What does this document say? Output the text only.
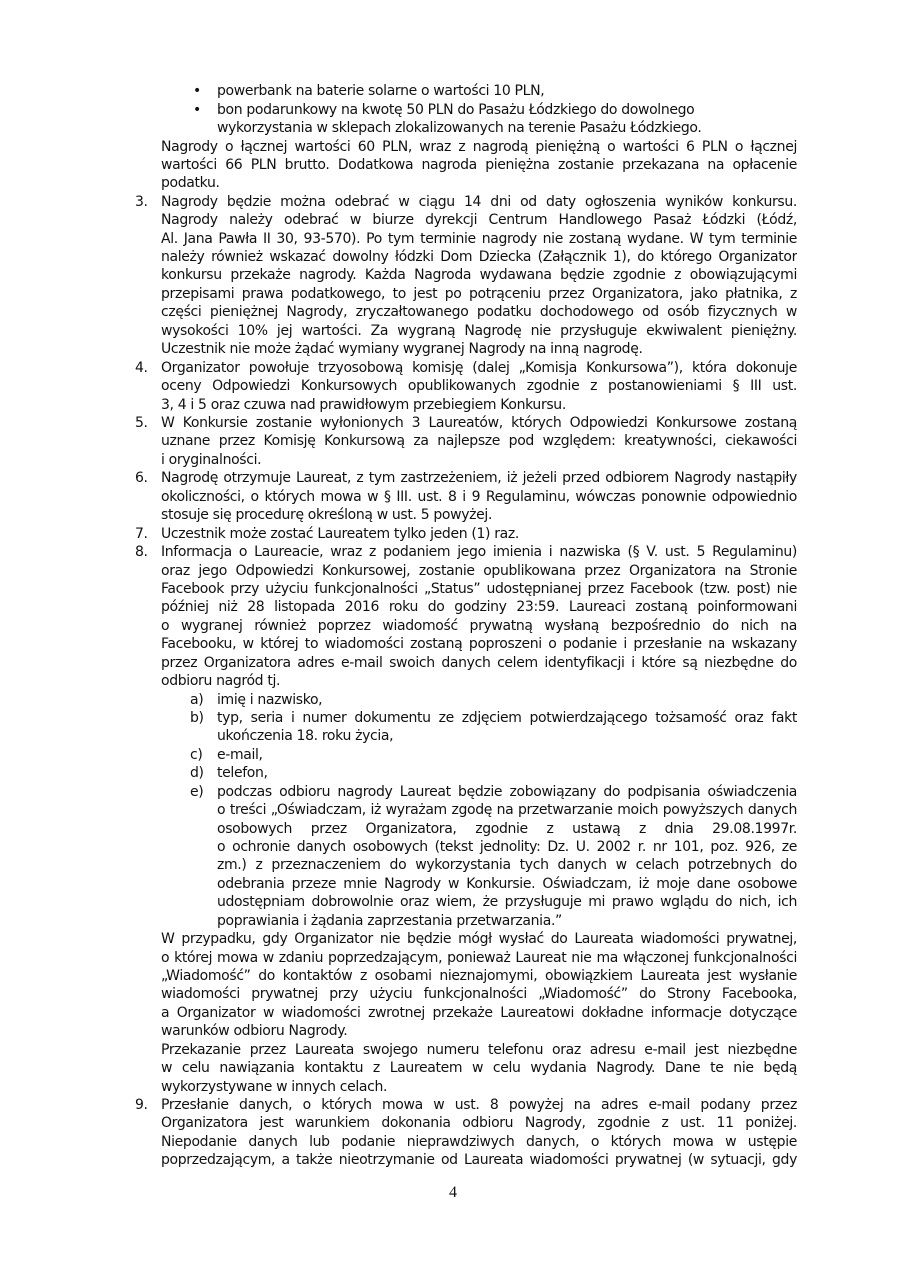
• powerbank na baterie solarne o wartości 10 PLN,
• bon podarunkowy na kwotę 50 PLN do Pasażu Łódzkiego do dowolnego
wykorzystania w sklepach zlokalizowanych na terenie Pasażu Łódzkiego.
Nagrody o łącznej wartości 60 PLN, wraz z nagrodą pieniężną o wartości 6 PLN o łącznej
wartości 66 PLN brutto. Dodatkowa nagroda pieniężna zostanie przekazana na opłacenie
podatku.
3. Nagrody będzie można odebrać w ciągu 14 dni od daty ogłoszenia wyników konkursu.
Nagrody należy odebrać w biurze dyrekcji Centrum Handlowego Pasaż Łódzki (Łódź,
Al. Jana Pawła II 30, 93-570). Po tym terminie nagrody nie zostaną wydane. W tym terminie
należy również wskazać dowolny łódzki Dom Dziecka (Załącznik 1), do którego Organizator
konkursu przekaże nagrody. Każda Nagroda wydawana będzie zgodnie z obowiązującymi
przepisami prawa podatkowego, to jest po potrąceniu przez Organizatora, jako płatnika, z
części pieniężnej Nagrody, zryczałtowanego podatku dochodowego od osób fizycznych w
wysokości 10% jej wartości. Za wygraną Nagrodę nie przysługuje ekwiwalent pieniężny.
Uczestnik nie może żądać wymiany wygranej Nagrody na inną nagrodę.
4. Organizator powołuje trzyosobową komisję (dalej „Komisja Konkursowa”), która dokonuje
oceny Odpowiedzi Konkursowych opublikowanych zgodnie z postanowieniami § III ust.
3, 4 i 5 oraz czuwa nad prawidłowym przebiegiem Konkursu.
5. W Konkursie zostanie wyłonionych 3 Laureatów, których Odpowiedzi Konkursowe zostaną
uznane przez Komisję Konkursową za najlepsze pod względem: kreatywności, ciekawości
i oryginalności.
6. Nagrodę otrzymuje Laureat, z tym zastrzeżeniem, iż jeżeli przed odbiorem Nagrody nastąpiły
okoliczności, o których mowa w § III. ust. 8 i 9 Regulaminu, wówczas ponownie odpowiednio
stosuje się procedurę określoną w ust. 5 powyżej.
7. Uczestnik może zostać Laureatem tylko jeden (1) raz.
8. Informacja o Laureacie, wraz z podaniem jego imienia i nazwiska (§ V. ust. 5 Regulaminu)
oraz jego Odpowiedzi Konkursowej, zostanie opublikowana przez Organizatora na Stronie
Facebook przy użyciu funkcjonalności „Status” udostępnianej przez Facebook (tzw. post) nie
później niż 28 listopada 2016 roku do godziny 23:59. Laureaci zostaną poinformowani
o wygranej również poprzez wiadomość prywatną wysłaną bezpośrednio do nich na
Facebooku, w której to wiadomości zostaną poproszeni o podanie i przesłanie na wskazany
przez Organizatora adres e-mail swoich danych celem identyfikacji i które są niezbędne do
odbioru nagród tj.
a) imię i nazwisko,
b) typ, seria i numer dokumentu ze zdjęciem potwierdzającego tożsamość oraz fakt
ukończenia 18. roku życia,
c) e-mail,
d) telefon,
e) podczas odbioru nagrody Laureat będzie zobowiązany do podpisania oświadczenia
o treści „Oświadczam, iż wyrażam zgodę na przetwarzanie moich powyższych danych
osobowych przez Organizatora, zgodnie z ustawą z dnia 29.08.1997r.
o ochronie danych osobowych (tekst jednolity: Dz. U. 2002 r. nr 101, poz. 926, ze
zm.) z przeznaczeniem do wykorzystania tych danych w celach potrzebnych do
odebrania przeze mnie Nagrody w Konkursie. Oświadczam, iż moje dane osobowe
udostępniam dobrowolnie oraz wiem, że przysługuje mi prawo wglądu do nich, ich
poprawiania i żądania zaprzestania przetwarzania.”
W przypadku, gdy Organizator nie będzie mógł wysłać do Laureata wiadomości prywatnej,
o której mowa w zdaniu poprzedzającym, ponieważ Laureat nie ma włączonej funkcjonalności
„Wiadomość” do kontaktów z osobami nieznajomymi, obowiązkiem Laureata jest wysłanie
wiadomości prywatnej przy użyciu funkcjonalności „Wiadomość” do Strony Facebooka,
a Organizator w wiadomości zwrotnej przekaże Laureatowi dokładne informacje dotyczące
warunków odbioru Nagrody.
Przekazanie przez Laureata swojego numeru telefonu oraz adresu e-mail jest niezbędne
w celu nawiązania kontaktu z Laureatem w celu wydania Nagrody. Dane te nie będą
wykorzystywane w innych celach.
9. Przesłanie danych, o których mowa w ust. 8 powyżej na adres e-mail podany przez
Organizatora jest warunkiem dokonania odbioru Nagrody, zgodnie z ust. 11 poniżej.
Niepodanie danych lub podanie nieprawdziwych danych, o których mowa w ustępie
poprzedzającym, a także nieotrzymanie od Laureata wiadomości prywatnej (w sytuacji, gdy
4
